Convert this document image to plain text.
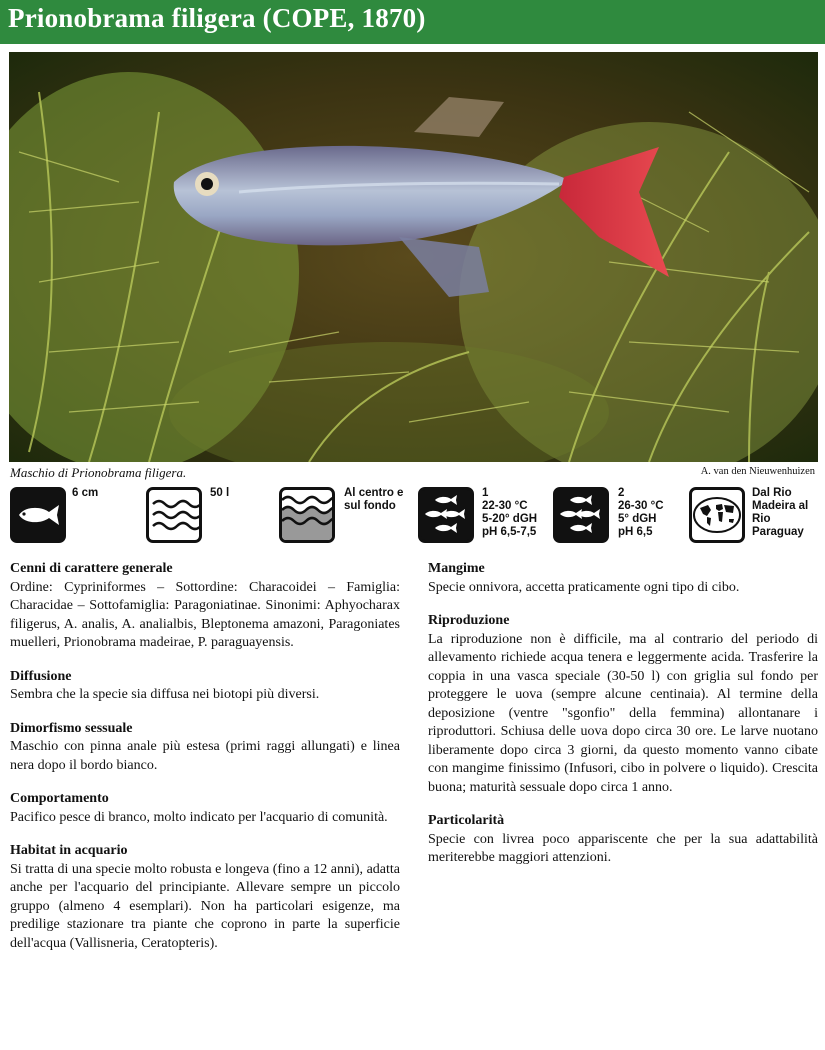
Prionobrama filigera (COPE, 1870)
Maschio di Prionobrama filigera.	A. van den Nieuwenhuizen
6 cm	50 l	Al centro e
sul fondo
1
22-30 °C
5-20° dGH
pH 6,5-7,5
2
26-30 °C
5° dGH
pH 6,5
Dal Rio
Madeira al
Rio
Paraguay
Cenni di carattere generale

Ordine: Cypriniformes – Sottordine: Characoidei – Famiglia: Characidae – Sottofamiglia: Paragoniatinae. Sinonimi: Aphyocharax filigerus, A. analis, A. analialbis, Bleptonema amazoni, Paragoniates muelleri, Prionobrama madeirae, P. paraguayensis.

Diffusione

Sembra che la specie sia diffusa nei biotopi più diversi.

Dimorfismo sessuale

Maschio con pinna anale più estesa (primi raggi allungati) e linea nera dopo il bordo bianco.

Comportamento

Pacifico pesce di branco, molto indicato per l'acquario di comunità.

Habitat in acquario

Si tratta di una specie molto robusta e longeva (fino a 12 anni), adatta anche per l'acquario del principiante. Allevare sempre un piccolo gruppo (almeno 4 esemplari). Non ha particolari esigenze, ma predilige stazionare tra piante che coprono in parte la superficie dell'acqua (Vallisneria, Ceratopteris).

Mangime

Specie onnivora, accetta praticamente ogni tipo di cibo.

Riproduzione

La riproduzione non è difficile, ma al contrario del periodo di allevamento richiede acqua tenera e leggermente acida. Trasferire la coppia in una vasca speciale (30-50 l) con griglia sul fondo per proteggere le uova (sempre alcune centinaia). Al termine della deposizione (ventre "sgonfio" della femmina) allontanare i riproduttori. Schiusa delle uova dopo circa 30 ore. Le larve nuotano liberamente dopo circa 3 giorni, da questo momento vanno cibate con mangime finissimo (Infusori, cibo in polvere o liquido). Crescita buona; maturità sessuale dopo circa 1 anno.

Particolarità

Specie con livrea poco appariscente che per la sua adattabilità meriterebbe maggiori attenzioni.
